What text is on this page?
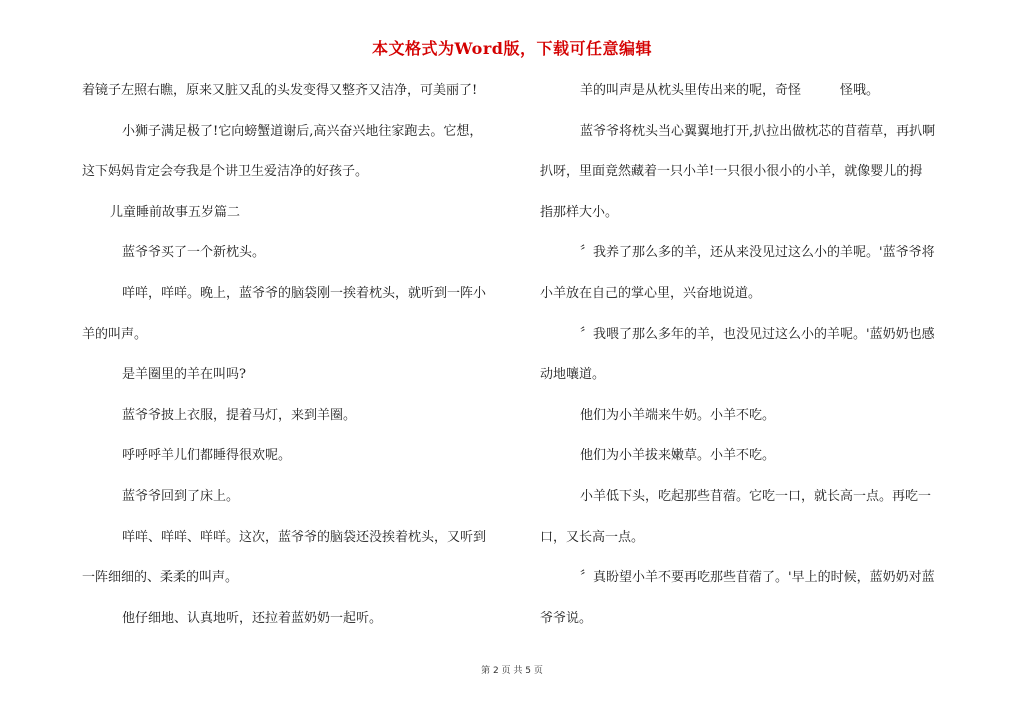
本文格式为Word版，下载可任意编辑
着镜子左照右瞧，原来又脏又乱的头发变得又整齐又洁净，可美丽了!
小狮子满足极了!它向螃蟹道谢后,高兴奋兴地往家跑去。它想，
这下妈妈肯定会夸我是个讲卫生爱洁净的好孩子。
儿童睡前故事五岁篇二
蓝爷爷买了一个新枕头。
咩咩，咩咩。晚上，蓝爷爷的脑袋刚一挨着枕头，就听到一阵小
羊的叫声。
是羊圈里的羊在叫吗?
蓝爷爷披上衣服，提着马灯，来到羊圈。
呼呼呼羊儿们都睡得很欢呢。
蓝爷爷回到了床上。
咩咩、咩咩、咩咩。这次，蓝爷爷的脑袋还没挨着枕头，又听到
一阵细细的、柔柔的叫声。
他仔细地、认真地听，还拉着蓝奶奶一起听。
羊的叫声是从枕头里传出来的呢，奇怪　　　怪哦。
蓝爷爷将枕头当心翼翼地打开,扒拉出做枕芯的苜蓿草，再扒啊
扒呀，里面竟然藏着一只小羊!一只很小很小的小羊，就像婴儿的拇
指那样大小。
〞我养了那么多的羊，还从来没见过这么小的羊呢。'蓝爷爷将
小羊放在自己的掌心里，兴奋地说道。
〞我喂了那么多年的羊，也没见过这么小的羊呢。'蓝奶奶也感
动地嚷道。
他们为小羊端来牛奶。小羊不吃。
他们为小羊拔来嫩草。小羊不吃。
小羊低下头，吃起那些苜蓿。它吃一口，就长高一点。再吃一
口，又长高一点。
〞真盼望小羊不要再吃那些苜蓿了。'早上的时候，蓝奶奶对蓝
爷爷说。
第 2 页 共 5 页
